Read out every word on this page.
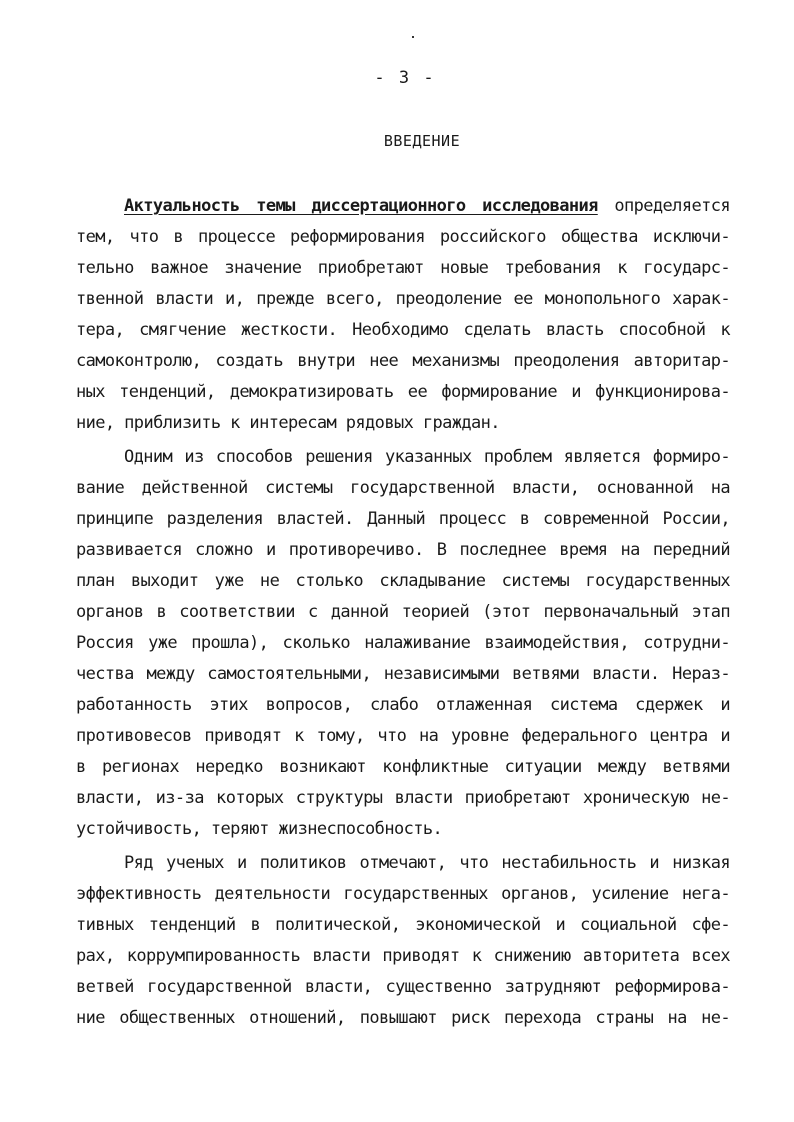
- 3 -
ВВЕДЕНИЕ
Актуальность темы диссертационного исследования определяется
тем, что в процессе реформирования российского общества исключи-
тельно важное значение приобретают новые требования к государс-
твенной власти и, прежде всего, преодоление ее монопольного харак-
тера, смягчение жесткости. Необходимо сделать власть способной к
самоконтролю, создать внутри нее механизмы преодоления авторитар-
ных тенденций, демократизировать ее формирование и функционирова-
ние, приблизить к интересам рядовых граждан.
Одним из способов решения указанных проблем является формиро-
вание действенной системы государственной власти, основанной на
принципе разделения властей. Данный процесс в современной России,
развивается сложно и противоречиво. В последнее время на передний
план выходит уже не столько складывание системы государственных
органов в соответствии с данной теорией (этот первоначальный этап
Россия уже прошла), сколько налаживание взаимодействия, сотрудни-
чества между самостоятельными, независимыми ветвями власти. Нераз-
работанность этих вопросов, слабо отлаженная система сдержек и
противовесов приводят к тому, что на уровне федерального центра и
в регионах нередко возникают конфликтные ситуации между ветвями
власти, из-за которых структуры власти приобретают хроническую не-
устойчивость, теряют жизнеспособность.
Ряд ученых и политиков отмечают, что нестабильность и низкая
эффективность деятельности государственных органов, усиление нега-
тивных тенденций в политической, экономической и социальной сфе-
рах, коррумпированность власти приводят к снижению авторитета всех
ветвей государственной власти, существенно затрудняют реформирова-
ние общественных отношений, повышают риск перехода страны на не-
